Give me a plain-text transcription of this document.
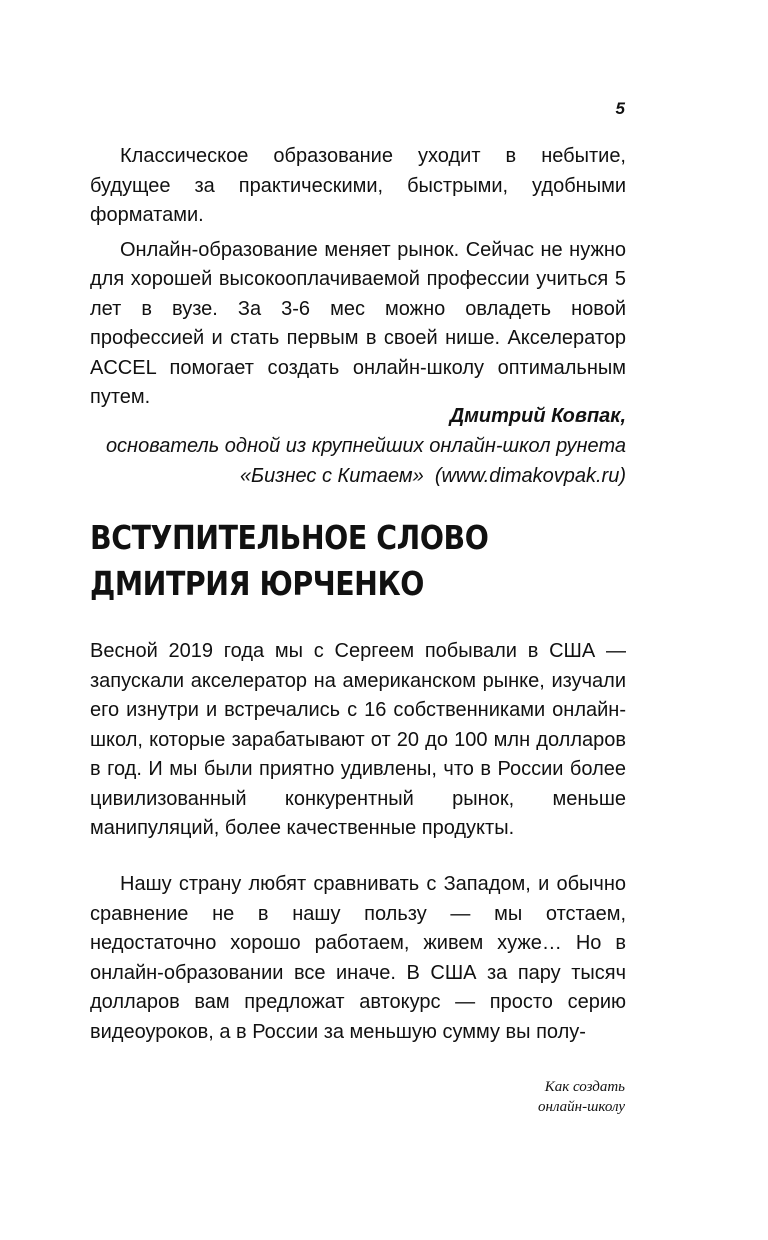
5

Классическое образование уходит в небытие, будущее за практическими, быстрыми, удобными форматами.

Онлайн-образование меняет рынок. Сейчас не нужно для хорошей высокооплачиваемой профессии учиться 5 лет в вузе. За 3-6 мес можно овладеть новой профессией и стать первым в своей нише. Акселератор ACCEL помогает создать онлайн-школу оптимальным путем.

Дмитрий Ковпак,
основатель одной из крупнейших онлайн-школ рунета
«Бизнес с Китаем»  (www.dimakovpak.ru)
ВСТУПИТЕЛЬНОЕ СЛОВО
ДМИТРИЯ ЮРЧЕНКО

Весной 2019 года мы с Сергеем побывали в США — запускали акселератор на американском рынке, изучали его изнутри и встречались с 16 собственниками онлайн-школ, которые зарабатывают от 20 до 100 млн долларов в год. И мы были приятно удивлены, что в России более цивилизованный конкурентный рынок, меньше манипуляций, более качественные продукты.

Нашу страну любят сравнивать с Западом, и обычно сравнение не в нашу пользу — мы отстаем, недостаточно хорошо работаем, живем хуже… Но в онлайн-образовании все иначе. В США за пару тысяч долларов вам предложат автокурс — просто серию видеоуроков, а в России за меньшую сумму вы полу-

Как создать
онлайн-школу
